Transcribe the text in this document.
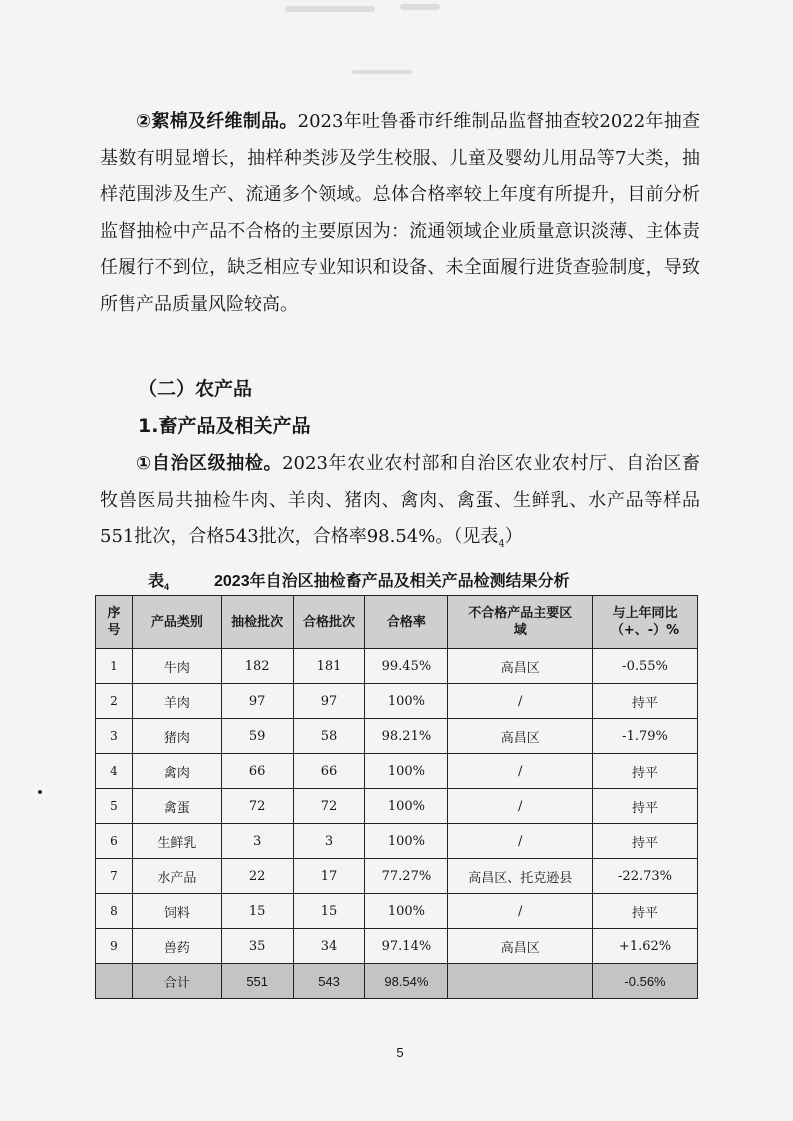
②絮棉及纤维制品。2023年吐鲁番市纤维制品监督抽查较2022年抽查基数有明显增长，抽样种类涉及学生校服、儿童及婴幼儿用品等7大类，抽样范围涉及生产、流通多个领域。总体合格率较上年度有所提升，目前分析监督抽检中产品不合格的主要原因为：流通领域企业质量意识淡薄、主体责任履行不到位，缺乏相应专业知识和设备、未全面履行进货查验制度，导致所售产品质量风险较高。
（二）农产品
1.畜产品及相关产品
①自治区级抽检。2023年农业农村部和自治区农业农村厅、自治区畜牧兽医局共抽检牛肉、羊肉、猪肉、禽肉、禽蛋、生鲜乳、水产品等样品551批次，合格543批次，合格率98.54%。（见表$_4$）
表$_4$	2023年自治区抽检畜产品及相关产品检测结果分析
序号	产品类别	抽检批次	合格批次	合格率	不合格产品主要区域	与上年同比（+、-）%
1	牛肉	182	181	99.45%	高昌区	-0.55%
2	羊肉	97	97	100%	/	持平
3	猪肉	59	58	98.21%	高昌区	-1.79%
4	禽肉	66	66	100%	/	持平
5	禽蛋	72	72	100%	/	持平
6	生鲜乳	3	3	100%	/	持平
7	水产品	22	17	77.27%	高昌区、托克逊县	-22.73%
8	饲料	15	15	100%	/	持平
9	兽药	35	34	97.14%	高昌区	+1.62%
	合计	551	543	98.54%		-0.56%
5
